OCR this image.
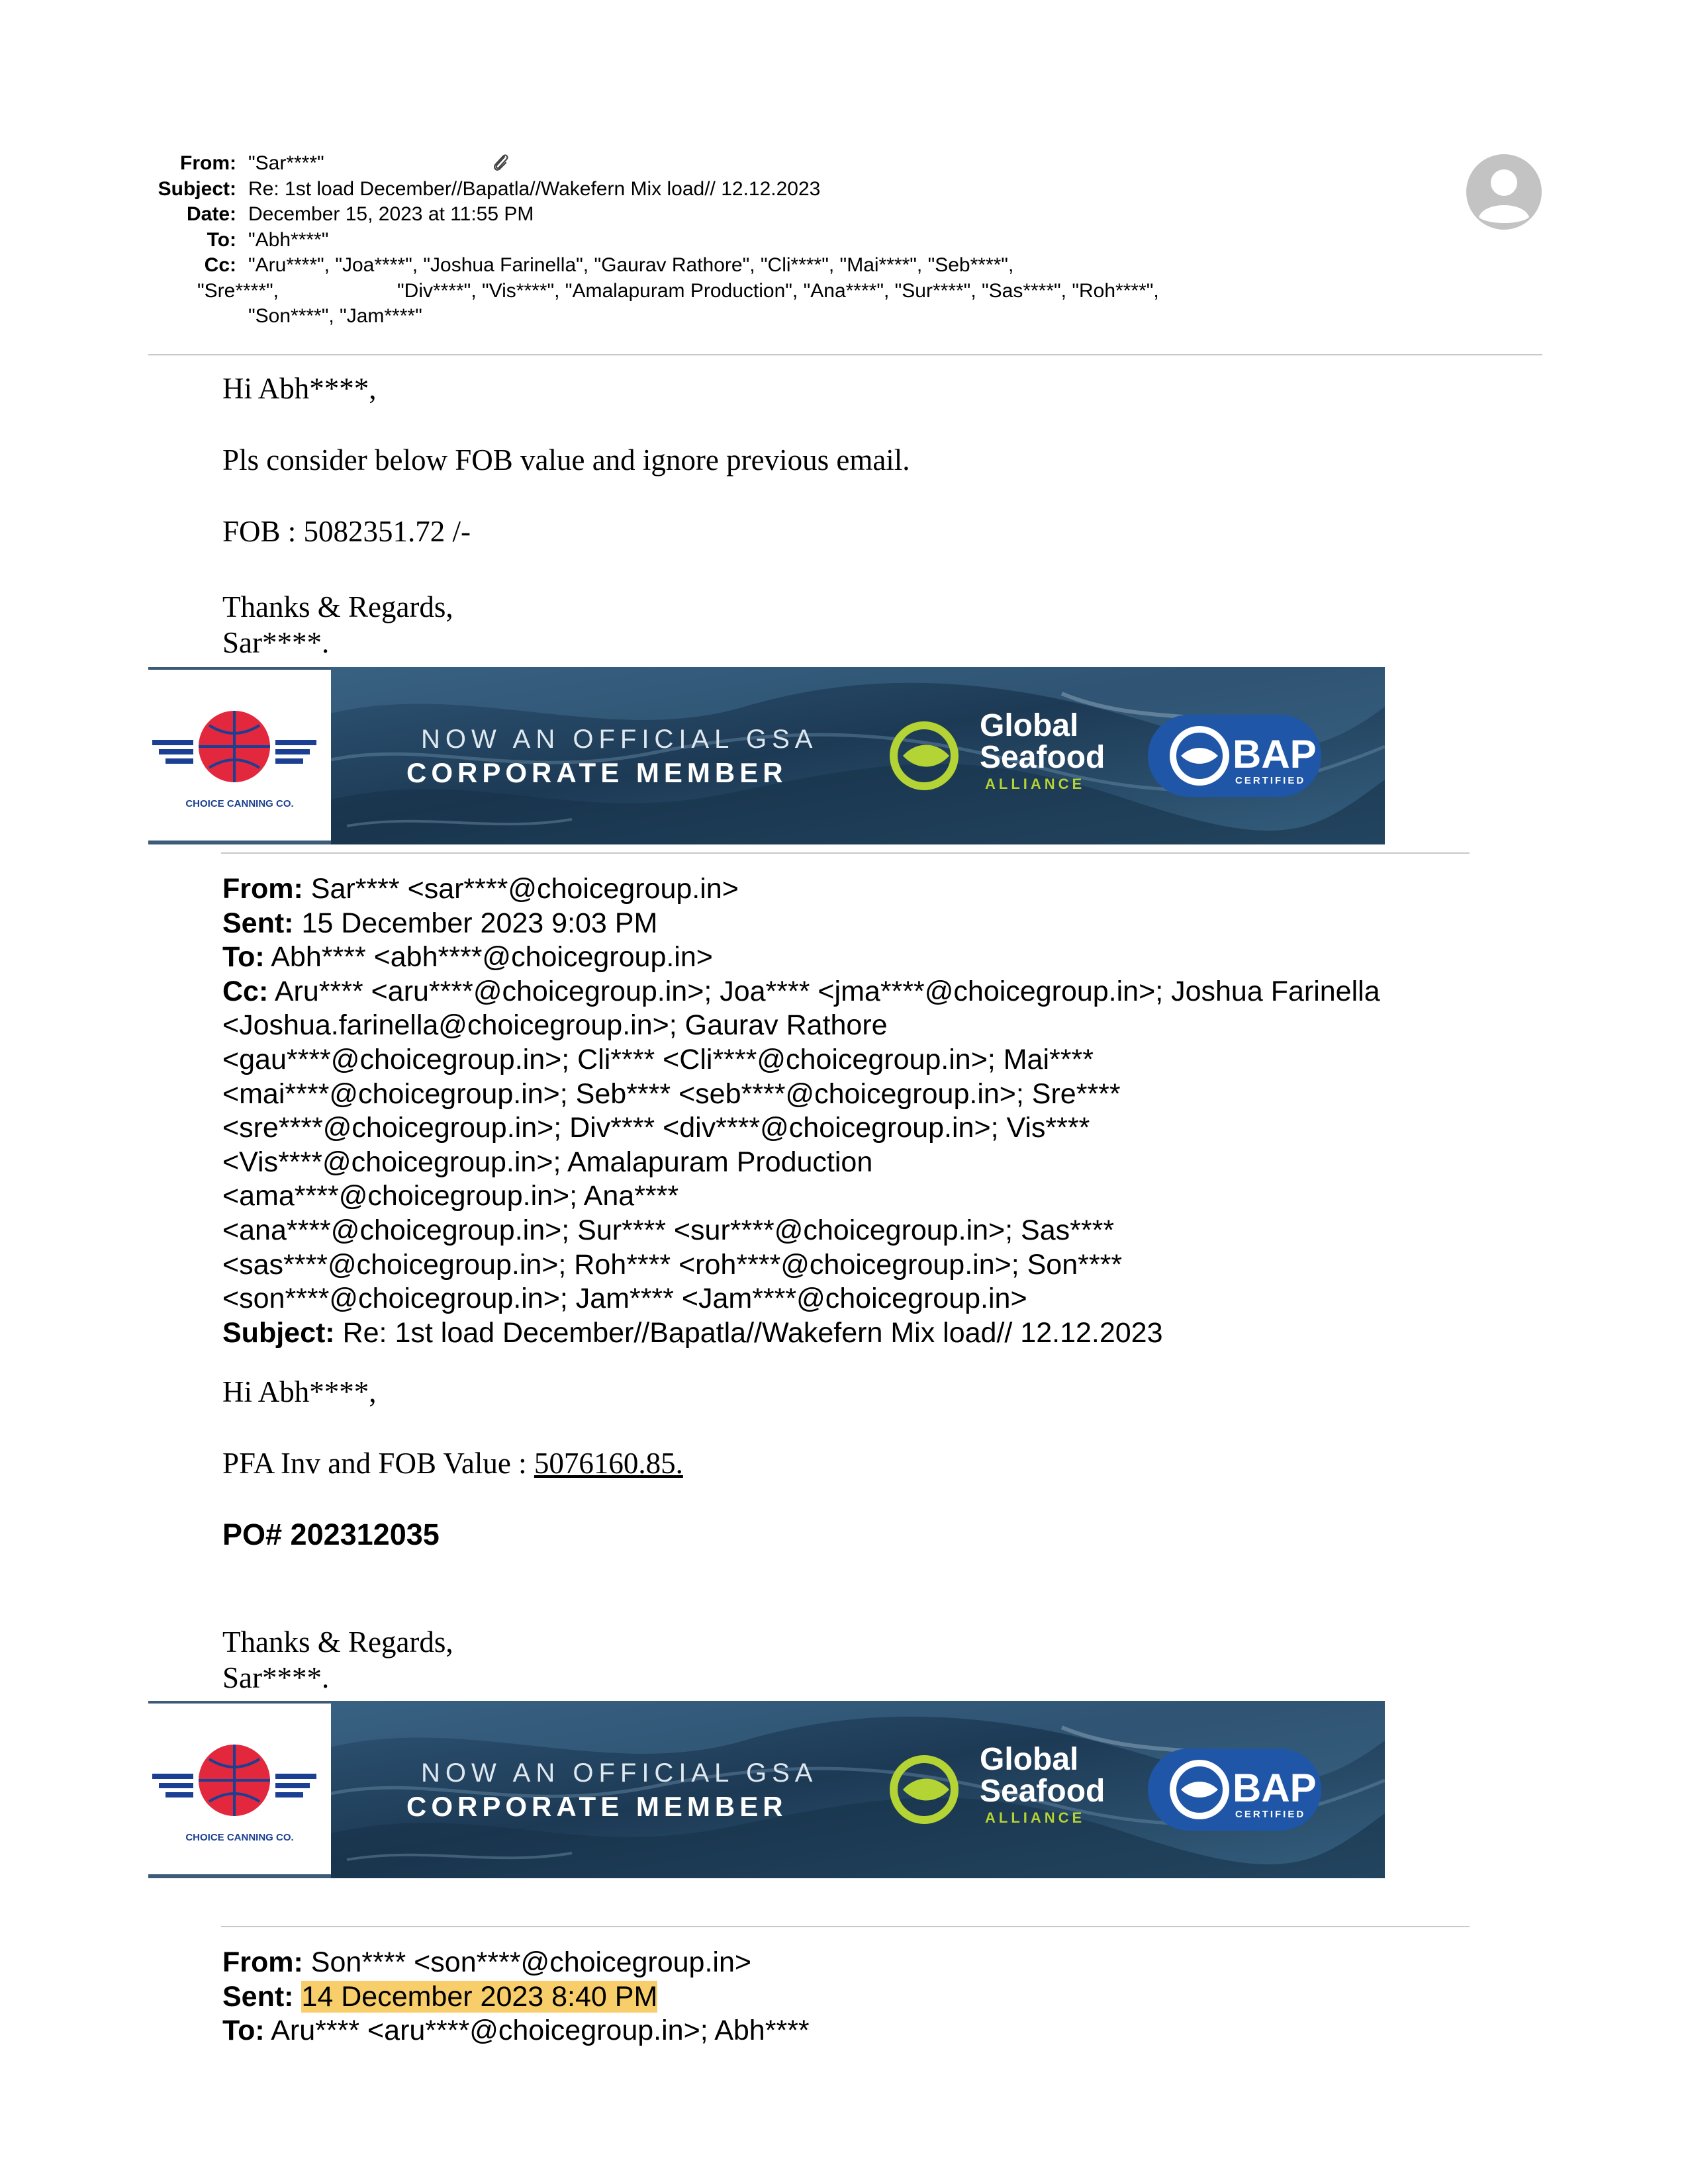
From: "Sar****"
Subject: Re: 1st load December//Bapatla//Wakefern Mix load// 12.12.2023
Date: December 15, 2023 at 11:55 PM
To: "Abh****"
Cc: "Aru****", "Joa****", "Joshua Farinella", "Gaurav Rathore", "Cli****", "Mai****", "Seb****",
"Sre****",	"Div****", "Vis****", "Amalapuram Production", "Ana****", "Sur****", "Sas****", "Roh****",
"Son****", "Jam****"
Hi Abh****,
Pls consider below FOB value and ignore previous email.
FOB : 5082351.72 /-
Thanks & Regards,
Sar****.
CHOICE CANNING CO.
NOW AN OFFICIAL GSA
CORPORATE MEMBER
Global
Seafood
ALLIANCE
BAP
CERTIFIED
From: Sar**** <sar****@choicegroup.in>
Sent: 15 December 2023 9:03 PM
To: Abh**** <abh****@choicegroup.in>
Cc: Aru**** <aru****@choicegroup.in>; Joa**** <jma****@choicegroup.in>; Joshua Farinella
<Joshua.farinella@choicegroup.in>; Gaurav Rathore
<gau****@choicegroup.in>; Cli**** <Cli****@choicegroup.in>; Mai****
<mai****@choicegroup.in>; Seb**** <seb****@choicegroup.in>; Sre****
<sre****@choicegroup.in>; Div**** <div****@choicegroup.in>; Vis****
<Vis****@choicegroup.in>; Amalapuram Production
<ama****@choicegroup.in>; Ana****
<ana****@choicegroup.in>; Sur**** <sur****@choicegroup.in>; Sas****
<sas****@choicegroup.in>; Roh**** <roh****@choicegroup.in>; Son****
<son****@choicegroup.in>; Jam**** <Jam****@choicegroup.in>
Subject: Re: 1st load December//Bapatla//Wakefern Mix load// 12.12.2023
Hi Abh****,
PFA Inv and FOB Value : 5076160.85.
PO# 202312035
Thanks & Regards,
Sar****.
CHOICE CANNING CO.
NOW AN OFFICIAL GSA
CORPORATE MEMBER
Global
Seafood
ALLIANCE
BAP
CERTIFIED
From: Son**** <son****@choicegroup.in>
Sent: 14 December 2023 8:40 PM
To: Aru**** <aru****@choicegroup.in>; Abh****
